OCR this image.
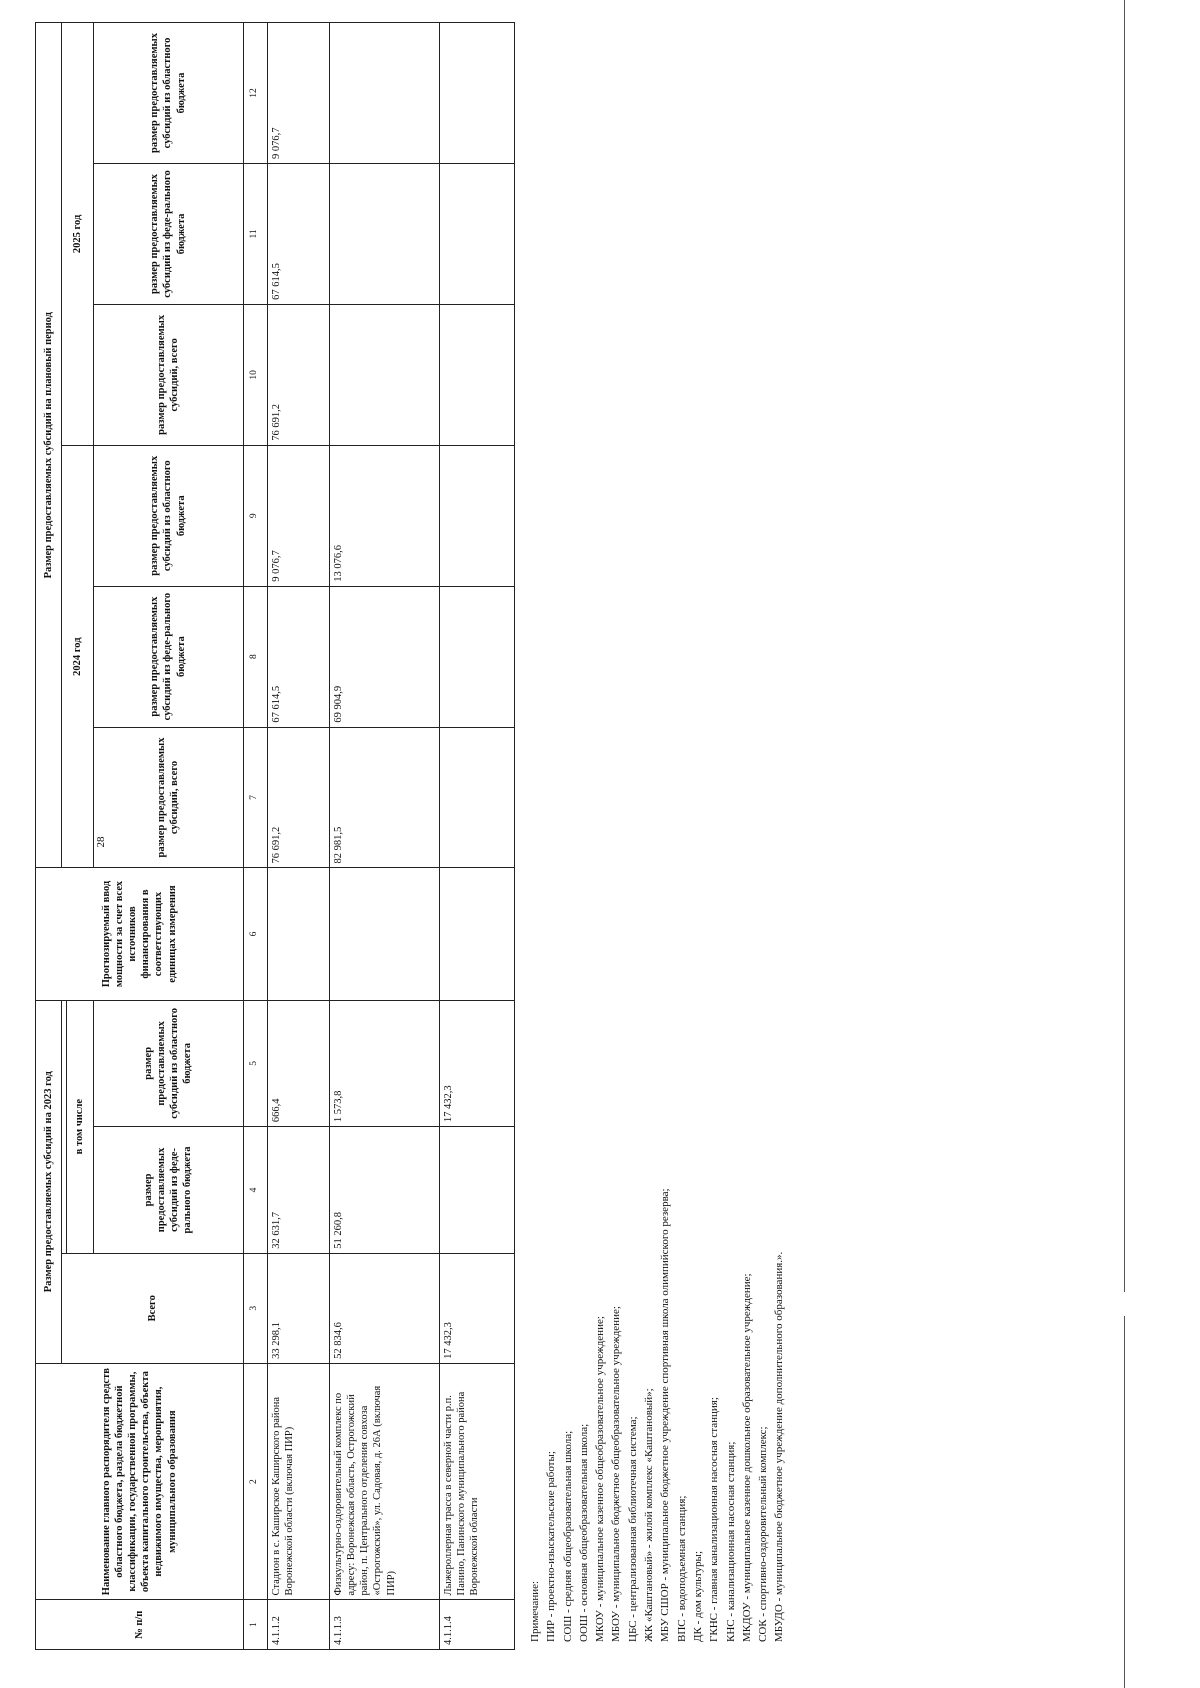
28
№ п/п	Наименование главного распорядителя средств областного бюджета, раздела бюджетной классификации, государственной программы, объекта капитального строительства, объекта недвижимого имущества, мероприятия, муниципального образования	Размер предоставляемых субсидий на 2023 год			Прогнозируемый ввод мощности за счет всех источников финансирования в соответствующих единицах измерения	Размер предоставляемых субсидий на плановый период					
		Всего				2024 год			2025 год		
			в том числе								
			размер предоставляемых субсидий из феде-рального бюджета	размер предоставляемых субсидий из областного бюджета		размер предоставляемых субсидий, всего	размер предоставляемых субсидий из феде-рального бюджета	размер предоставляемых субсидий из областного бюджета	размер предоставляемых субсидий, всего	размер предоставляемых субсидий из феде-рального бюджета	размер предоставляемых субсидий из областного бюджета
1	2	3	4	5	6	7	8	9	10	11	12
4.1.1.2	Стадион в с. Каширское Каширского района Воронежской области (включая ПИР)	33 298,1	32 631,7	666,4		76 691,2	67 614,5	9 076,7	76 691,2	67 614,5	9 076,7
4.1.1.3	Физкультурно-оздоровительный комплекс по адресу: Воронежская область, Острогожский район, п. Центрального отделения совхоза «Острогожский», ул. Садовая, д. 26А (включая ПИР)	52 834,6	51 260,8	1 573,8		82 981,5	69 904,9	13 076,6			
4.1.1.4	Лыжероллерная трасса в северной части р.п. Панино, Панинского муниципального района Воронежской области	17 432,3		17 432,3							
Примечание: ПИР - проектно-изыскательские работы; СОШ - средняя общеобразовательная школа; ООШ - основная общеобразовательная школа; МКОУ - муниципальное казенное общеобразовательное учреждение; МБОУ - муниципальное бюджетное общеобразовательное учреждение; ЦБС - централизованная библиотечная система; ЖК «Каштановый» - жилой комплекс «Каштановый»; МБУ СШОР - муниципальное бюджетное учреждение спортивная школа олимпийского резерва; ВПС - водоподъемная станция; ДК - дом культуры; ГКНС - главная канализационная насосная станция; КНС - канализационная насосная станция; МКДОУ - муниципальное казенное дошкольное образовательное учреждение; СОК - спортивно-оздоровительный комплекс; МБУДО - муниципальное бюджетное учреждение дополнительного образования.».
